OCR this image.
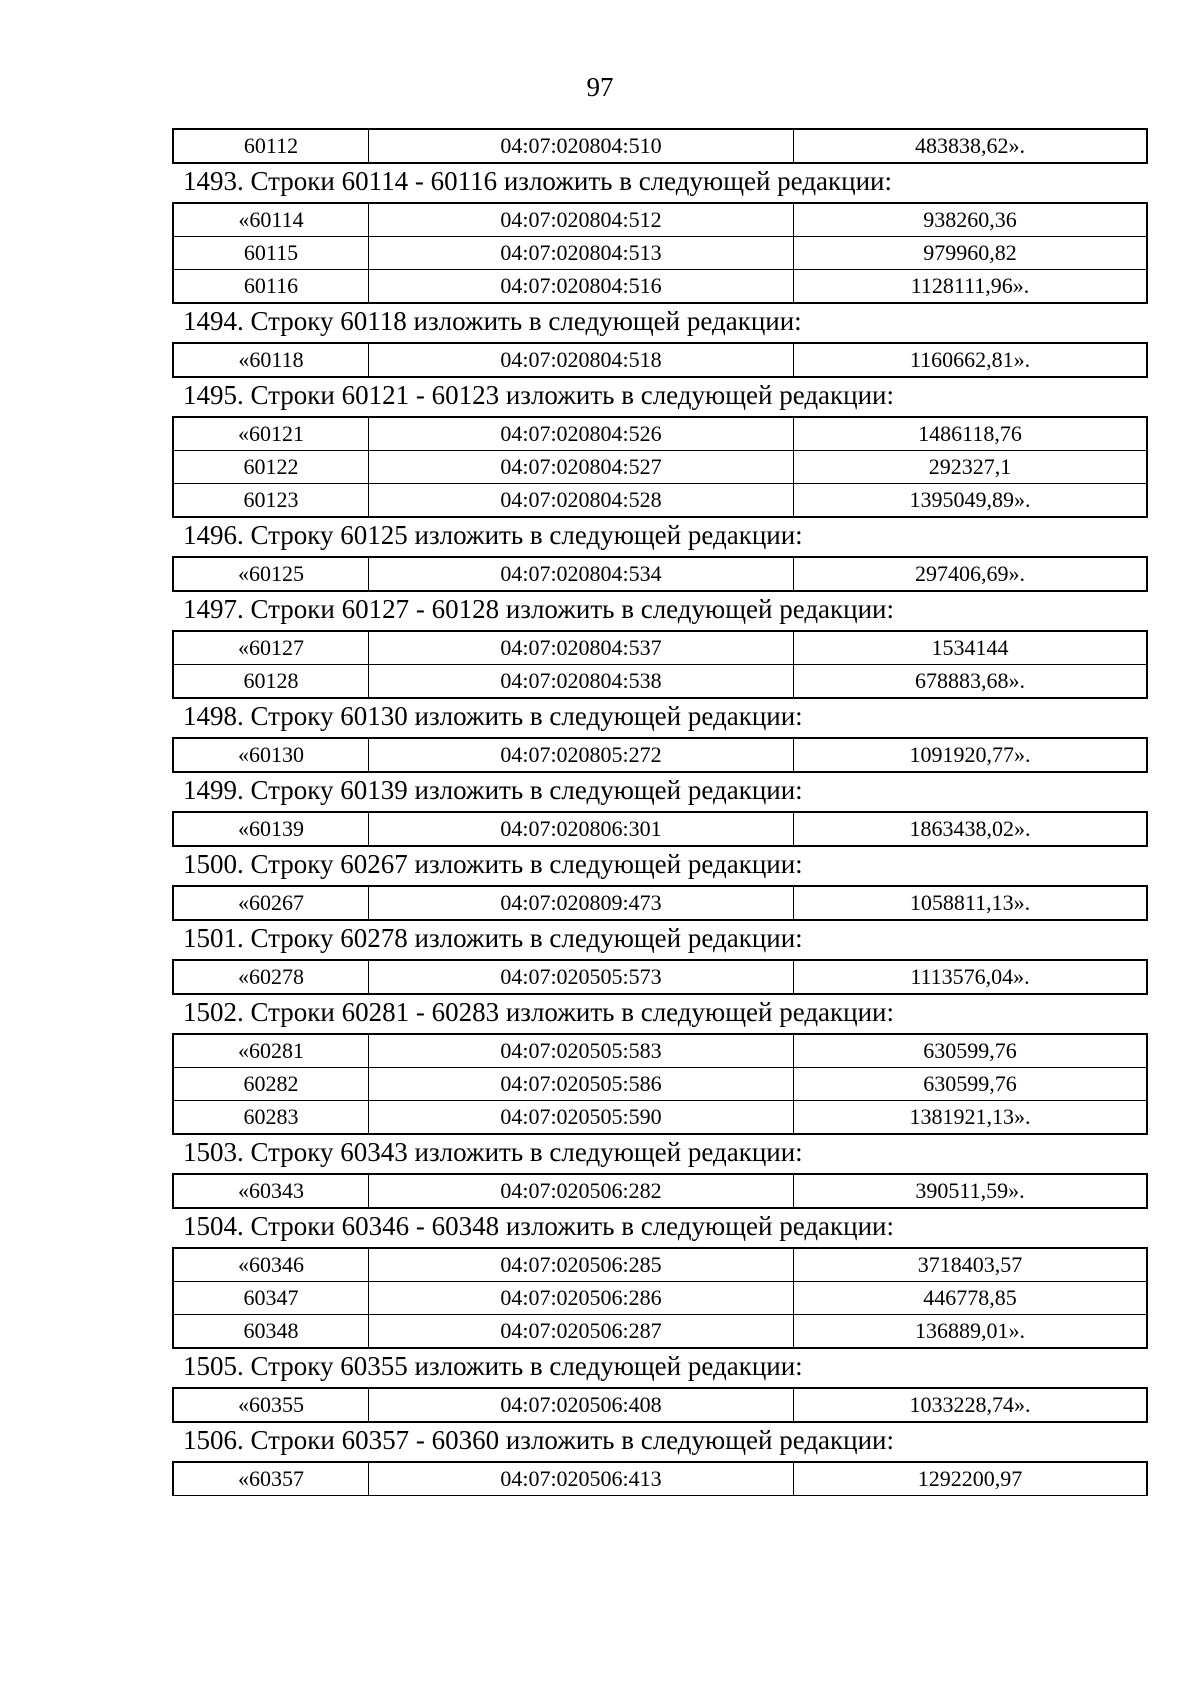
97
60112	04:07:020804:510	483838,62».
1493. Строки 60114 - 60116 изложить в следующей редакции:
«60114	04:07:020804:512	938260,36
60115	04:07:020804:513	979960,82
60116	04:07:020804:516	1128111,96».
1494. Строку 60118 изложить в следующей редакции:
«60118	04:07:020804:518	1160662,81».
1495. Строки 60121 - 60123 изложить в следующей редакции:
«60121	04:07:020804:526	1486118,76
60122	04:07:020804:527	292327,1
60123	04:07:020804:528	1395049,89».
1496. Строку 60125 изложить в следующей редакции:
«60125	04:07:020804:534	297406,69».
1497. Строки 60127 - 60128 изложить в следующей редакции:
«60127	04:07:020804:537	1534144
60128	04:07:020804:538	678883,68».
1498. Строку 60130 изложить в следующей редакции:
«60130	04:07:020805:272	1091920,77».
1499. Строку 60139 изложить в следующей редакции:
«60139	04:07:020806:301	1863438,02».
1500. Строку 60267 изложить в следующей редакции:
«60267	04:07:020809:473	1058811,13».
1501. Строку 60278 изложить в следующей редакции:
«60278	04:07:020505:573	1113576,04».
1502. Строки 60281 - 60283 изложить в следующей редакции:
«60281	04:07:020505:583	630599,76
60282	04:07:020505:586	630599,76
60283	04:07:020505:590	1381921,13».
1503. Строку 60343 изложить в следующей редакции:
«60343	04:07:020506:282	390511,59».
1504. Строки 60346 - 60348 изложить в следующей редакции:
«60346	04:07:020506:285	3718403,57
60347	04:07:020506:286	446778,85
60348	04:07:020506:287	136889,01».
1505. Строку 60355 изложить в следующей редакции:
«60355	04:07:020506:408	1033228,74».
1506. Строки 60357 - 60360 изложить в следующей редакции:
«60357	04:07:020506:413	1292200,97
